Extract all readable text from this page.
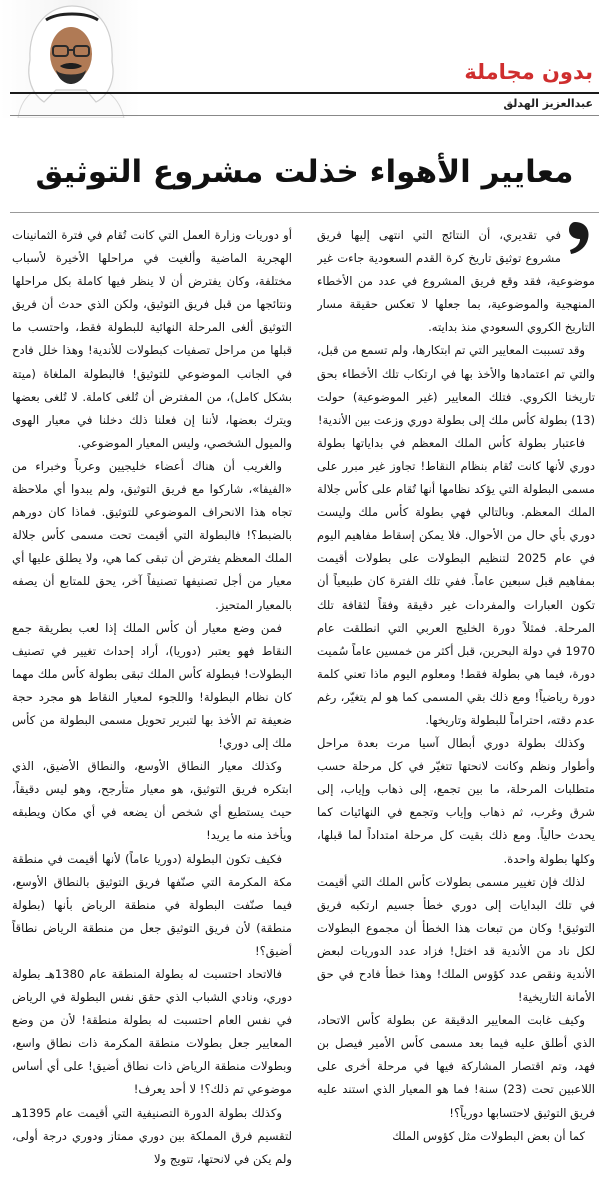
بدون مجاملة
عبدالعزيز الهدلق
معايير الأهواء خذلت مشروع التوثيق

في تقديري، أن النتائج التي انتهى إليها فريق مشروع توثيق تاريخ كرة القدم السعودية جاءت غير موضوعية، فقد وقع فريق المشروع في عدد من الأخطاء المنهجية والموضوعية، بما جعلها لا تعكس حقيقة مسار التاريخ الكروي السعودي منذ بدايته.

وقد تسببت المعايير التي تم ابتكارها، ولم تسمع من قبل، والتي تم اعتمادها والأخذ بها في ارتكاب تلك الأخطاء بحق تاريخنا الكروي. فتلك المعايير (غير الموضوعية) حولت (13) بطولة كأس ملك إلى بطولة دوري وزعت بين الأندية!

فاعتبار بطولة كأس الملك المعظم في بداياتها بطولة دوري لأنها كانت تُقام بنظام النقاط! تجاوز غير مبرر على مسمى البطولة التي يؤكد نظامها أنها تُقام على كأس جلالة الملك المعظم. وبالتالي فهي بطولة كأس ملك وليست دوري بأي حال من الأحوال. فلا يمكن إسقاط مفاهيم اليوم في عام 2025 لتنظيم البطولات على بطولات أقيمت بمفاهيم قبل سبعين عاماً. ففي تلك الفترة كان طبيعياً أن تكون العبارات والمفردات غير دقيقة وفقاً لثقافة تلك المرحلة. فمثلاً دورة الخليج العربي التي انطلقت عام 1970 في دولة البحرين، قبل أكثر من خمسين عاماً سُميت دورة، فيما هي بطولة فقط! ومعلوم اليوم ماذا تعني كلمة دورة رياضياً! ومع ذلك بقي المسمى كما هو لم يتغيّر، رغم عدم دقته، احتراماً للبطولة وتاريخها.

وكذلك بطولة دوري أبطال آسيا مرت بعدة مراحل وأطوار ونظم وكانت لانحتها تتغيّر في كل مرحلة حسب متطلبات المرحلة، ما بين تجمع، إلى ذهاب وإياب، إلى شرق وغرب، ثم ذهاب وإياب وتجمع في النهائيات كما يحدث حالياً. ومع ذلك بقيت كل مرحلة امتداداً لما قبلها، وكلها بطولة واحدة.

لذلك فإن تغيير مسمى بطولات كأس الملك التي أقيمت في تلك البدايات إلى دوري خطأ جسيم ارتكبه فريق التوثيق! وكان من تبعات هذا الخطأ أن مجموع البطولات لكل ناد من الأندية قد اختل! فزاد عدد الدوريات لبعض الأندية ونقص عدد كؤوس الملك! وهذا خطأ فادح في حق الأمانة التاريخية!

وكيف غابت المعايير الدقيقة عن بطولة كأس الاتحاد، الذي أطلق عليه فيما بعد مسمى كأس الأمير فيصل بن فهد، وتم اقتصار المشاركة فيها في مرحلة أخرى على اللاعبين تحت (23) سنة! فما هو المعيار الذي استند عليه فريق التوثيق لاحتسابها دورياً؟!

كما أن بعض البطولات مثل كؤوس الملك

أو دوريات وزارة العمل التي كانت تُقام في فترة الثمانينات الهجرية الماضية وألغيت في مراحلها الأخيرة لأسباب مختلفة، وكان يفترض أن لا ينظر فيها كاملة بكل مراحلها ونتائجها من قبل فريق التوثيق، ولكن الذي حدث أن فريق التوثيق ألغى المرحلة النهائية للبطولة فقط، واحتسب ما قبلها من مراحل تصفيات كبطولات للأندية! وهذا خلل فادح في الجانب الموضوعي للتوثيق! فالبطولة الملغاة (ميتة بشكل كامل)، من المفترض أن تُلغى كاملة. لا تُلغى بعضها ويترك بعضها، لأننا إن فعلنا ذلك دخلنا في معيار الهوى والميول الشخصي، وليس المعيار الموضوعي.

والغريب أن هناك أعضاء خليجيين وعرباً وخبراء من «الفيفا»، شاركوا مع فريق التوثيق، ولم يبدوا أي ملاحظة تجاه هذا الانحراف الموضوعي للتوثيق. فماذا كان دورهم بالضبط؟! فالبطولة التي أقيمت تحت مسمى كأس جلالة الملك المعظم يفترض أن تبقى كما هي، ولا يطلق عليها أي معيار من أجل تصنيفها تصنيفاً آخر، يحق للمتابع أن يصفه بالمعيار المتحيز.

فمن وضع معيار أن كأس الملك إذا لعب بطريقة جمع النقاط فهو يعتبر (دوريا)، أراد إحداث تغيير في تصنيف البطولات! فبطولة كأس الملك تبقى بطولة كأس ملك مهما كان نظام البطولة! واللجوء لمعيار النقاط هو مجرد حجة ضعيفة تم الأخذ بها لتبرير تحويل مسمى البطولة من كأس ملك إلى دوري!

وكذلك معيار النطاق الأوسع، والنطاق الأضيق، الذي ابتكره فريق التوثيق، هو معيار متأرجح، وهو ليس دقيقاً، حيث يستطيع أي شخص أن يضعه في أي مكان ويطبقه ويأخذ منه ما يريد!

فكيف تكون البطولة (دوريا عاماً) لأنها أقيمت في منطقة مكة المكرمة التي صنّفها فريق التوثيق بالنطاق الأوسع، فيما صنّفت البطولة في منطقة الرياض بأنها (بطولة منطقة) لأن فريق التوثيق جعل من منطقة الرياض نطاقاً أضيق؟!

فالاتحاد احتسبت له بطولة المنطقة عام 1380هـ بطولة دوري، ونادي الشباب الذي حقق نفس البطولة في الرياض في نفس العام احتسبت له بطولة منطقة! لأن من وضع المعايير جعل بطولات منطقة المكرمة ذات نطاق واسع، وبطولات منطقة الرياض ذات نطاق أضيق! على أي أساس موضوعي تم ذلك؟! لا أحد يعرف!

وكذلك بطولة الدورة التصنيفية التي أقيمت عام 1395هـ لتقسيم فرق المملكة بين دوري ممتاز ودوري درجة أولى، ولم يكن في لانحتها، تتويج ولا
